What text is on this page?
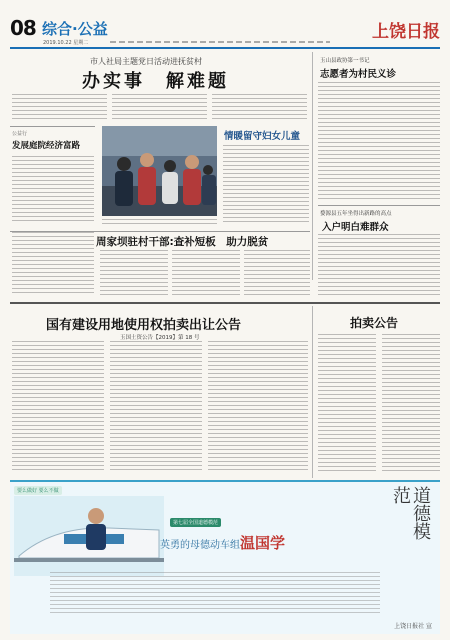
08 综合·公益
2019.10.22 星期二
上饶日报
市人社局主题党日活动进抚贫村
办实事　解难题
公益行
发展庭院经济富路
情暖留守妇女儿童
玉山县政协第一书记
志愿者为村民义诊
婺源县五年坐得出新路的高点
入户明白难群众
周家坝驻村干部:查补短板　助力脱贫
国有建设用地使用权拍卖出让公告
玉国土资公告【2019】第 18 号
拍卖公告
要么做好 要么不做
第七届全国道德模范
英勇的母德动车组 温国学
道德模范
上饶日报社 宣
